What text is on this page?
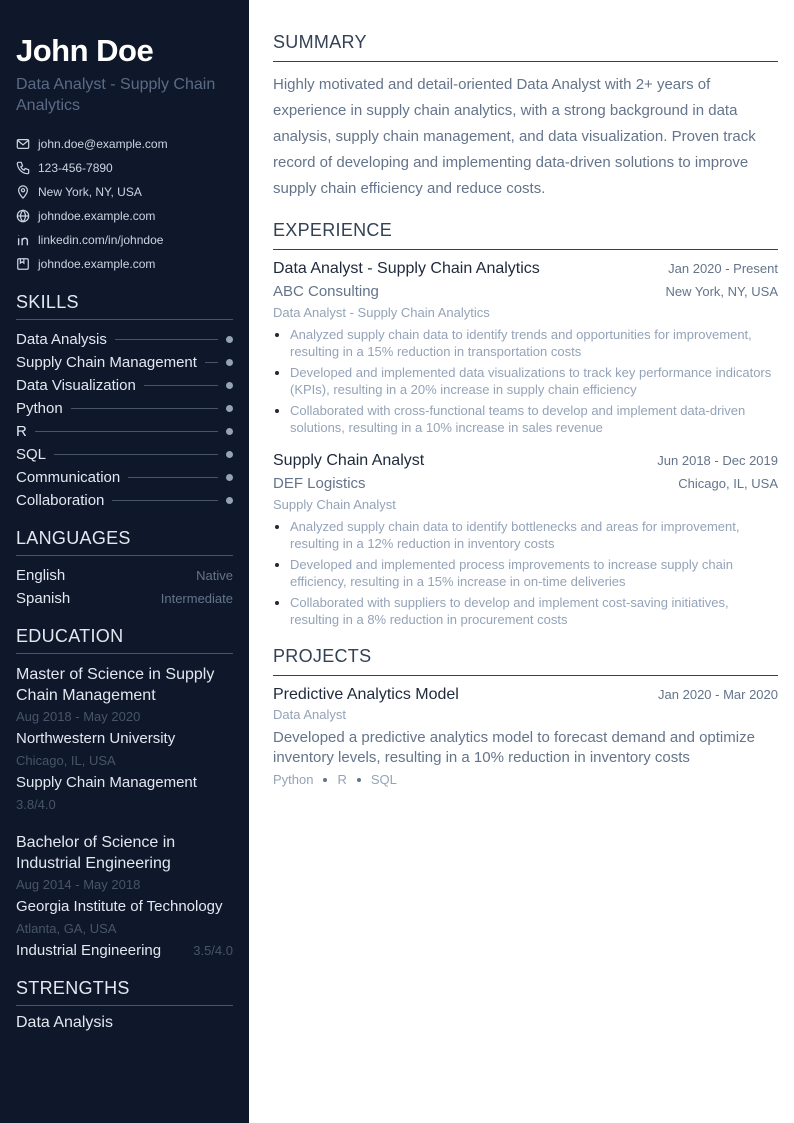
John Doe
Data Analyst - Supply Chain Analytics
john.doe@example.com
123-456-7890
New York, NY, USA
johndoe.example.com
linkedin.com/in/johndoe
johndoe.example.com
SKILLS
Data Analysis
Supply Chain Management
Data Visualization
Python
R
SQL
Communication
Collaboration
LANGUAGES
English	Native
Spanish	Intermediate
EDUCATION
Master of Science in Supply Chain Management
Aug 2018 - May 2020
Northwestern University
Chicago, IL, USA
Supply Chain Management
3.8/4.0
Bachelor of Science in Industrial Engineering
Aug 2014 - May 2018
Georgia Institute of Technology
Atlanta, GA, USA
Industrial Engineering 3.5/4.0
STRENGTHS
Data Analysis
SUMMARY

Highly motivated and detail-oriented Data Analyst with 2+ years of experience in supply chain analytics, with a strong background in data analysis, supply chain management, and data visualization. Proven track record of developing and implementing data-driven solutions to improve supply chain efficiency and reduce costs.

EXPERIENCE
Data Analyst - Supply Chain Analytics	Jan 2020 - Present
ABC Consulting	New York, NY, USA
Data Analyst - Supply Chain Analytics
Analyzed supply chain data to identify trends and opportunities for improvement, resulting in a 15% reduction in transportation costs
Developed and implemented data visualizations to track key performance indicators (KPIs), resulting in a 20% increase in supply chain efficiency
Collaborated with cross-functional teams to develop and implement data-driven solutions, resulting in a 10% increase in sales revenue
Supply Chain Analyst	Jun 2018 - Dec 2019
DEF Logistics	Chicago, IL, USA
Supply Chain Analyst
Analyzed supply chain data to identify bottlenecks and areas for improvement, resulting in a 12% reduction in inventory costs
Developed and implemented process improvements to increase supply chain efficiency, resulting in a 15% increase in on-time deliveries
Collaborated with suppliers to develop and implement cost-saving initiatives, resulting in a 8% reduction in procurement costs
PROJECTS
Predictive Analytics Model	Jan 2020 - Mar 2020
Data Analyst

Developed a predictive analytics model to forecast demand and optimize inventory levels, resulting in a 10% reduction in inventory costs

Python R SQL
